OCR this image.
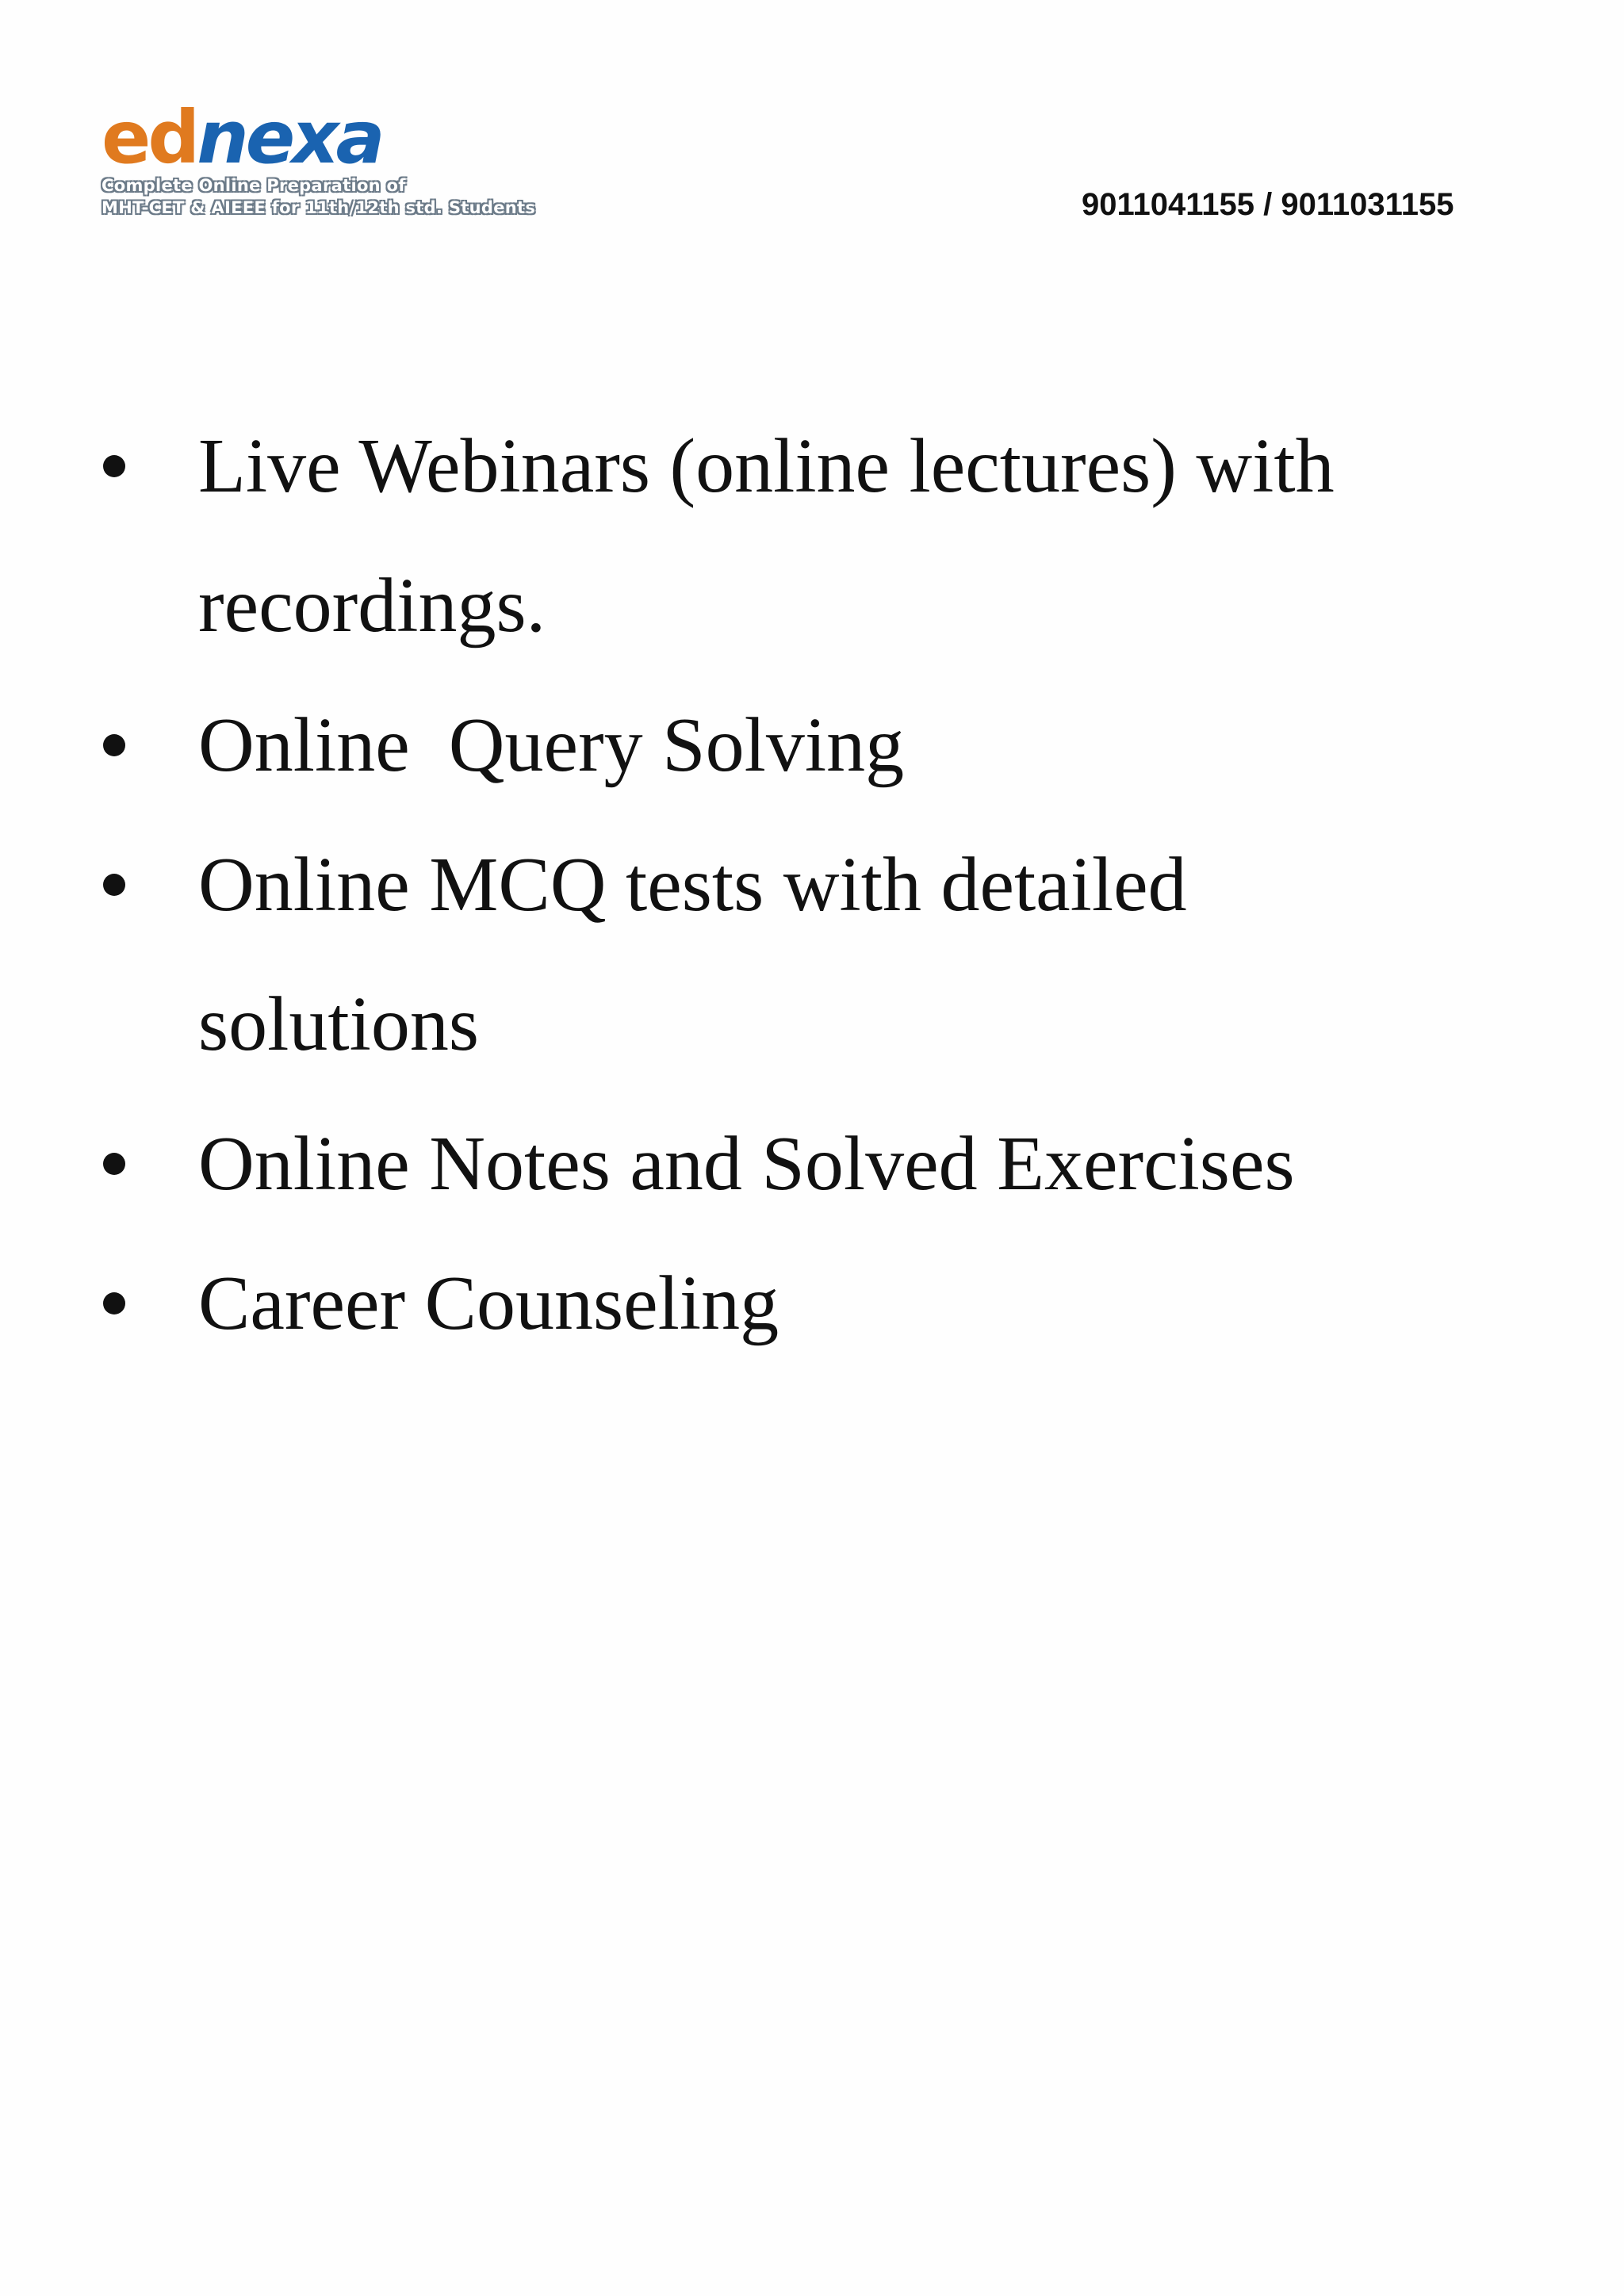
ednexa
Complete Online Preparation of
MHT-CET & AIEEE for 11th/12th std. Students	9011041155 / 9011031155
Live Webinars (online lectures) with recordings.
Online  Query Solving
Online MCQ tests with detailed solutions
Online Notes and Solved Exercises
Career Counseling
